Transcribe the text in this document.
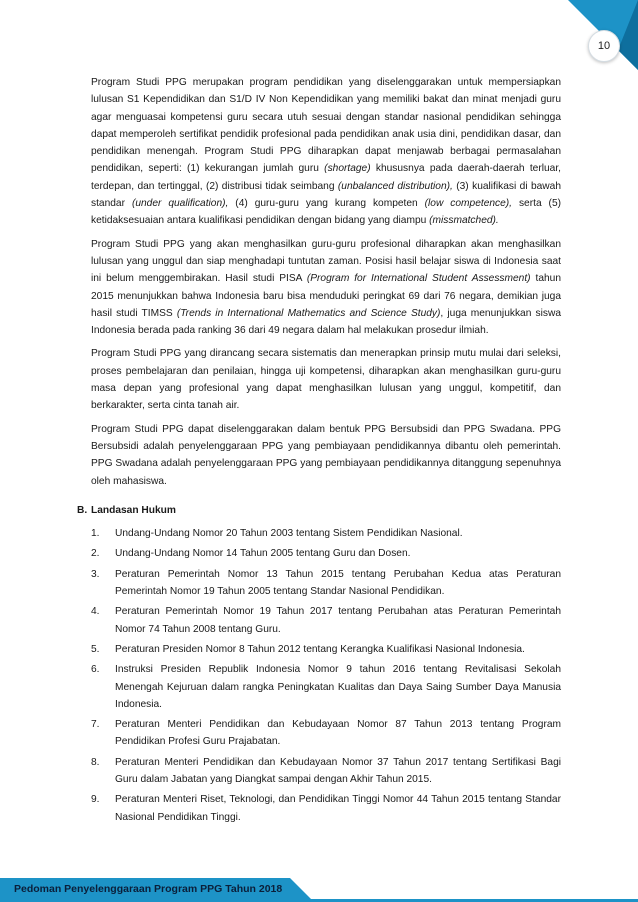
10

Program Studi PPG merupakan program pendidikan yang diselenggarakan untuk mempersiapkan lulusan S1 Kependidikan dan S1/D IV Non Kependidikan yang memiliki bakat dan minat menjadi guru agar menguasai kompetensi guru secara utuh sesuai dengan standar nasional pendidikan sehingga dapat memperoleh sertifikat pendidik profesional pada pendidikan anak usia dini, pendidikan dasar, dan pendidikan menengah. Program Studi PPG diharapkan dapat menjawab berbagai permasalahan pendidikan, seperti: (1) kekurangan jumlah guru (shortage) khususnya pada daerah-daerah terluar, terdepan, dan tertinggal, (2) distribusi tidak seimbang (unbalanced distribution), (3) kualifikasi di bawah standar (under qualification), (4) guru-guru yang kurang kompeten (low competence), serta (5) ketidaksesuaian antara kualifikasi pendidikan dengan bidang yang diampu (missmatched).

Program Studi PPG yang akan menghasilkan guru-guru profesional diharapkan akan menghasilkan lulusan yang unggul dan siap menghadapi tuntutan zaman. Posisi hasil belajar siswa di Indonesia saat ini belum menggembirakan. Hasil studi PISA (Program for International Student Assessment) tahun 2015 menunjukkan bahwa Indonesia baru bisa menduduki peringkat 69 dari 76 negara, demikian juga hasil studi TIMSS (Trends in International Mathematics and Science Study), juga menunjukkan siswa Indonesia berada pada ranking 36 dari 49 negara dalam hal melakukan prosedur ilmiah.

Program Studi PPG yang dirancang secara sistematis dan menerapkan prinsip mutu mulai dari seleksi, proses pembelajaran dan penilaian, hingga uji kompetensi, diharapkan akan menghasilkan guru-guru masa depan yang profesional yang dapat menghasilkan lulusan yang unggul, kompetitif, dan berkarakter, serta cinta tanah air.

Program Studi PPG dapat diselenggarakan dalam bentuk PPG Bersubsidi dan PPG Swadana. PPG Bersubsidi adalah penyelenggaraan PPG yang pembiayaan pendidikannya dibantu oleh pemerintah. PPG Swadana adalah penyelenggaraan PPG yang pembiayaan pendidikannya ditanggung sepenuhnya oleh mahasiswa.

B. Landasan Hukum
1.	Undang-Undang Nomor 20 Tahun 2003 tentang Sistem Pendidikan Nasional.
2.	Undang-Undang Nomor 14 Tahun 2005 tentang Guru dan Dosen.
3.	Peraturan Pemerintah Nomor 13 Tahun 2015 tentang Perubahan Kedua atas Peraturan Pemerintah Nomor 19 Tahun 2005 tentang Standar Nasional Pendidikan.
4.	Peraturan Pemerintah Nomor 19 Tahun 2017 tentang Perubahan atas Peraturan Pemerintah Nomor 74 Tahun 2008 tentang Guru.
5.	Peraturan Presiden Nomor 8 Tahun 2012 tentang Kerangka Kualifikasi Nasional Indonesia.
6.	Instruksi Presiden Republik Indonesia Nomor 9 tahun 2016 tentang Revitalisasi Sekolah Menengah Kejuruan dalam rangka Peningkatan Kualitas dan Daya Saing Sumber Daya Manusia Indonesia.
7.	Peraturan Menteri Pendidikan dan Kebudayaan Nomor 87 Tahun 2013 tentang Program Pendidikan Profesi Guru Prajabatan.
8.	Peraturan Menteri Pendidikan dan Kebudayaan Nomor 37 Tahun 2017 tentang Sertifikasi Bagi Guru dalam Jabatan yang Diangkat sampai dengan Akhir Tahun 2015.
9.	Peraturan Menteri Riset, Teknologi, dan Pendidikan Tinggi Nomor 44 Tahun 2015 tentang Standar Nasional Pendidikan Tinggi.
Pedoman Penyelenggaraan Program PPG Tahun 2018
